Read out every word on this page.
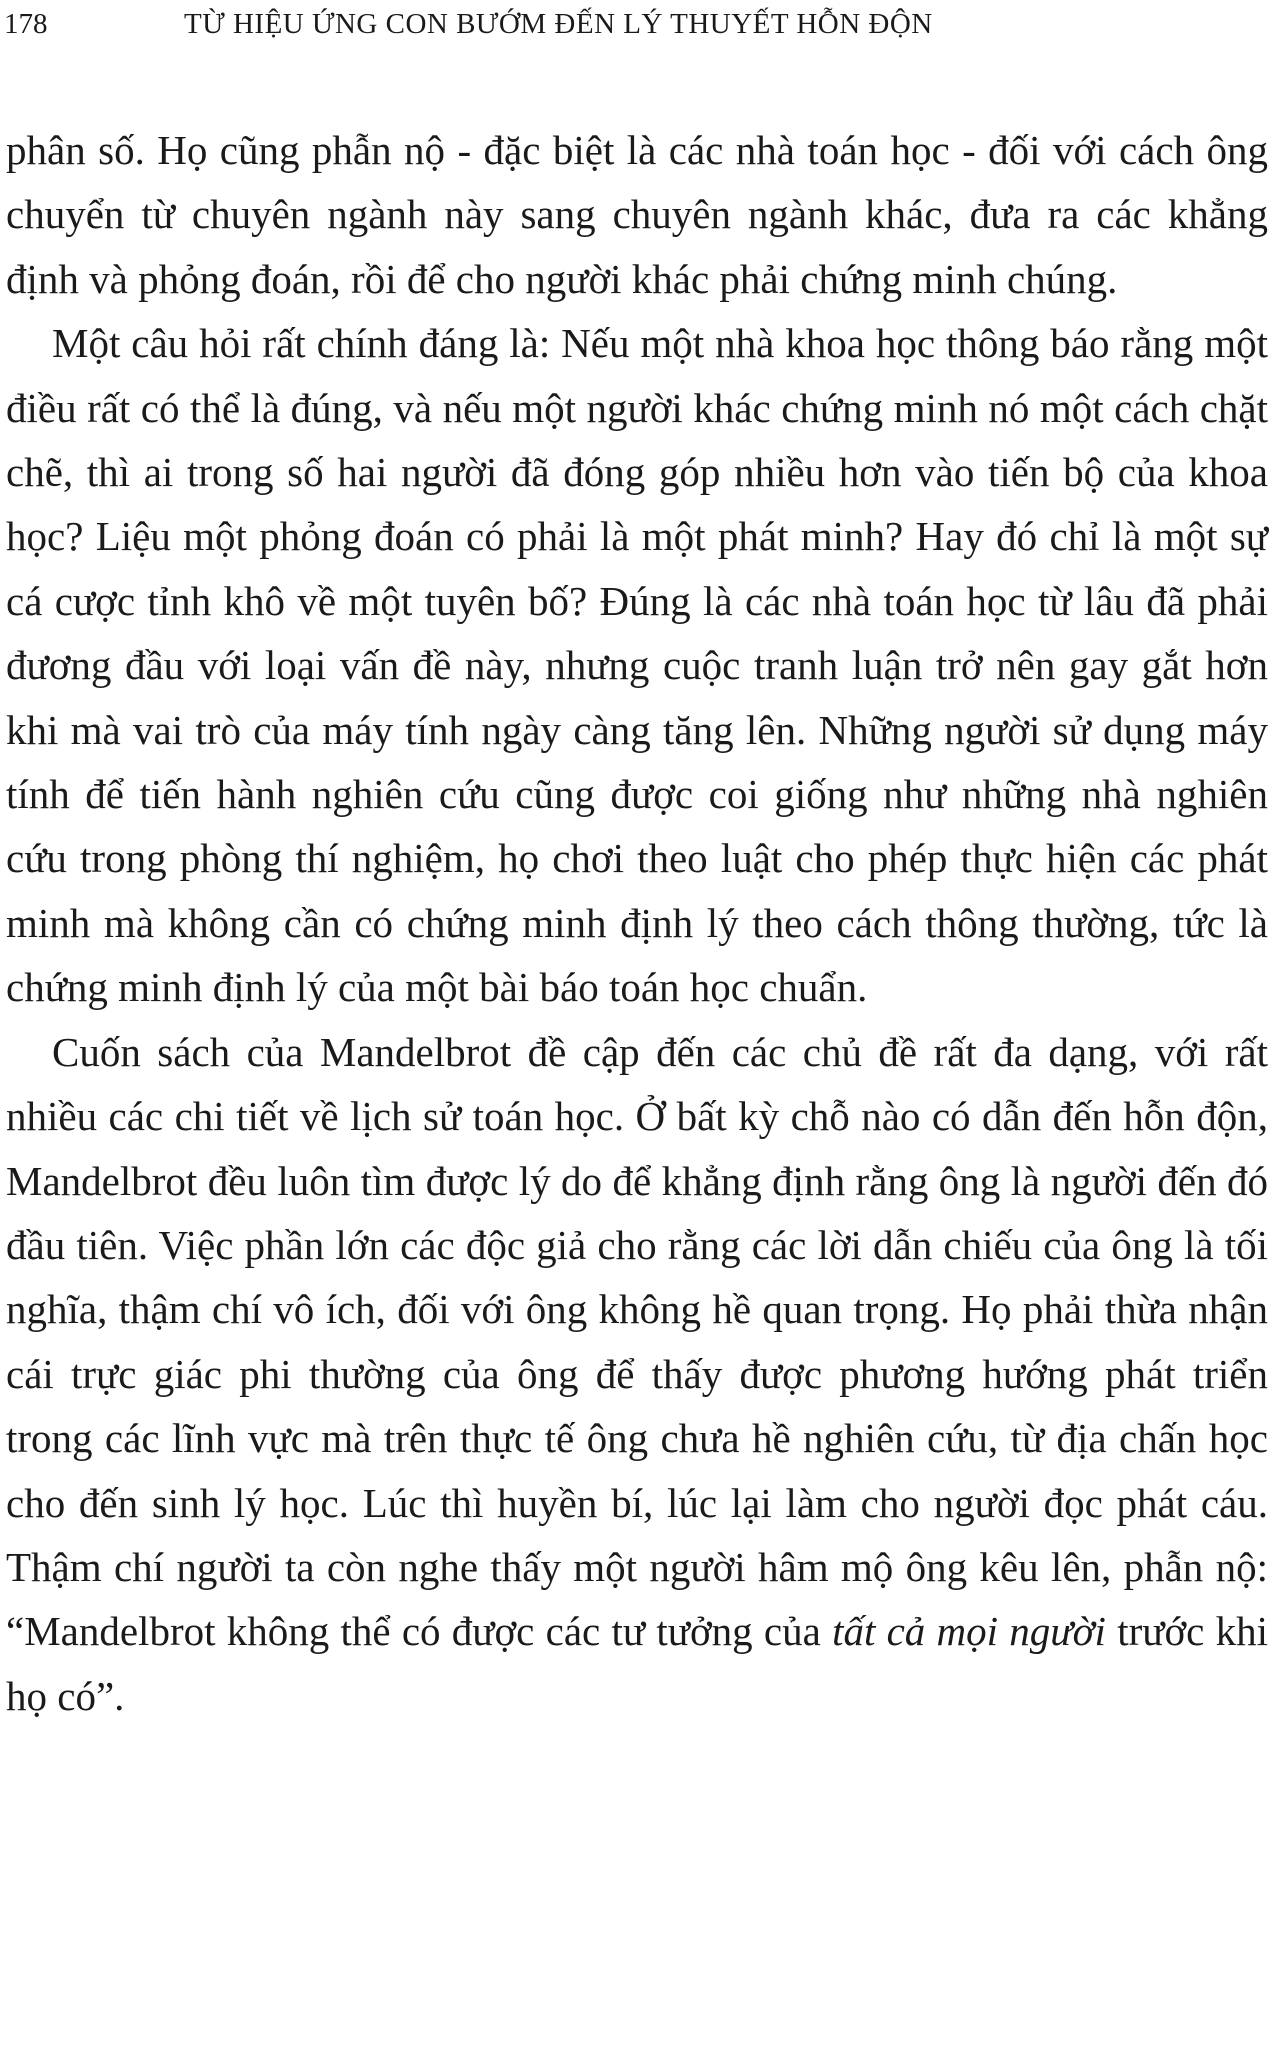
178	TỪ HIỆU ỨNG CON BƯỚM ĐẾN LÝ THUYẾT HỖN ĐỘN

phân số. Họ cũng phẫn nộ - đặc biệt là các nhà toán học - đối với cách ông chuyển từ chuyên ngành này sang chuyên ngành khác, đưa ra các khẳng định và phỏng đoán, rồi để cho người khác phải chứng minh chúng.

Một câu hỏi rất chính đáng là: Nếu một nhà khoa học thông báo rằng một điều rất có thể là đúng, và nếu một người khác chứng minh nó một cách chặt chẽ, thì ai trong số hai người đã đóng góp nhiều hơn vào tiến bộ của khoa học? Liệu một phỏng đoán có phải là một phát minh? Hay đó chỉ là một sự cá cược tỉnh khô về một tuyên bố? Đúng là các nhà toán học từ lâu đã phải đương đầu với loại vấn đề này, nhưng cuộc tranh luận trở nên gay gắt hơn khi mà vai trò của máy tính ngày càng tăng lên. Những người sử dụng máy tính để tiến hành nghiên cứu cũng được coi giống như những nhà nghiên cứu trong phòng thí nghiệm, họ chơi theo luật cho phép thực hiện các phát minh mà không cần có chứng minh định lý theo cách thông thường, tức là chứng minh định lý của một bài báo toán học chuẩn.

Cuốn sách của Mandelbrot đề cập đến các chủ đề rất đa dạng, với rất nhiều các chi tiết về lịch sử toán học. Ở bất kỳ chỗ nào có dẫn đến hỗn độn, Mandelbrot đều luôn tìm được lý do để khẳng định rằng ông là người đến đó đầu tiên. Việc phần lớn các độc giả cho rằng các lời dẫn chiếu của ông là tối nghĩa, thậm chí vô ích, đối với ông không hề quan trọng. Họ phải thừa nhận cái trực giác phi thường của ông để thấy được phương hướng phát triển trong các lĩnh vực mà trên thực tế ông chưa hề nghiên cứu, từ địa chấn học cho đến sinh lý học. Lúc thì huyền bí, lúc lại làm cho người đọc phát cáu. Thậm chí người ta còn nghe thấy một người hâm mộ ông kêu lên, phẫn nộ: “Mandelbrot không thể có được các tư tưởng của tất cả mọi người trước khi họ có”.
